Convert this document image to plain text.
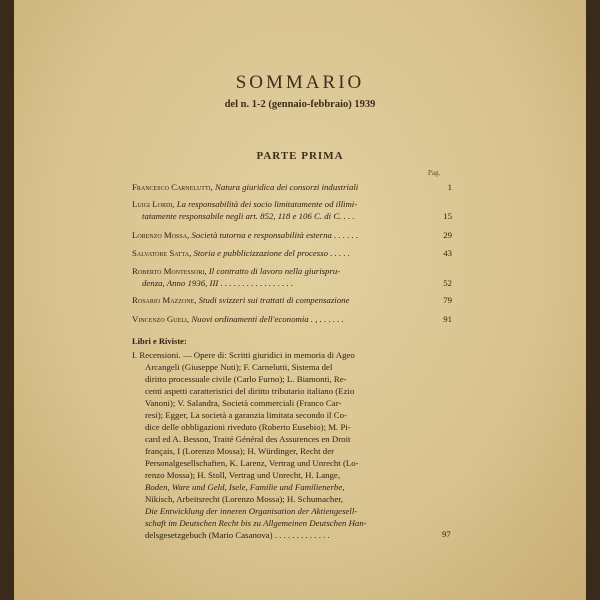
SOMMARIO
del n. 1-2 (gennaio-febbraio) 1939
PARTE PRIMA
Pag.
Francesco Carnelutti, Natura giuridica dei consorzi industriali	1
Luigi Lordi, La responsabilità dei socio limitatamente od illimi-
tatamente responsabile negli art. 852, 118 e 106 C. di C. . . .	15
Lorenzo Mossa, Società tutorna e responsabilità esterna . . . . . .	29
Salvatore Satta, Storia e pubblicizzazione del processo . . . . .	43
Roberto Montessori, Il contratto di lavoro nella giurispru-
denza, Anno 1936, III . . . . . . . . . . . . . . . . .	52
Rosario Mazzone, Studi svizzeri sui trattati di compensazione	79
Vincenzo Gueli, Nuovi ordinamenti dell'economia . , . . . . . .	91
Libri e Riviste:
I. Recensioni. — Opere di: Scritti giuridici in memoria di Ageo
Arcangeli (Giuseppe Nuti); F. Carnelutti, Sistema del
diritto processuale civile (Carlo Furno); L. Biamonti, Re-
centi aspetti caratteristici del diritto tributario italiano (Ezio
Vanoni); V. Salandra, Società commerciali (Franco Car-
resi); Egger, La società a garanzia limitata secondo il Co-
dice delle obbligazioni riveduto (Roberto Eusebio); M. Pi-
card ed A. Besson, Traité Général des Assurences en Droit
français, I (Lorenzo Mossa); H. Würdinger, Recht der
Personalgesellschaften, K. Larenz, Vertrag und Unrecht (Lo-
renzo Mossa); H. Stoll, Vertrag und Unrecht, H. Lange,
Boden, Ware und Geld, Isele, Familie und Familienerbe,
Nikisch, Arbeitsrecht (Lorenzo Mossa); H. Schumacher,
Die Entwicklung der inneren Organisation der Aktiengesell-
schaft im Deutschen Recht bis zu Allgemeinen Deutschen Han-
delsgesetzgebuch (Mario Casanova) . . . . . . . . . . . . .	97
